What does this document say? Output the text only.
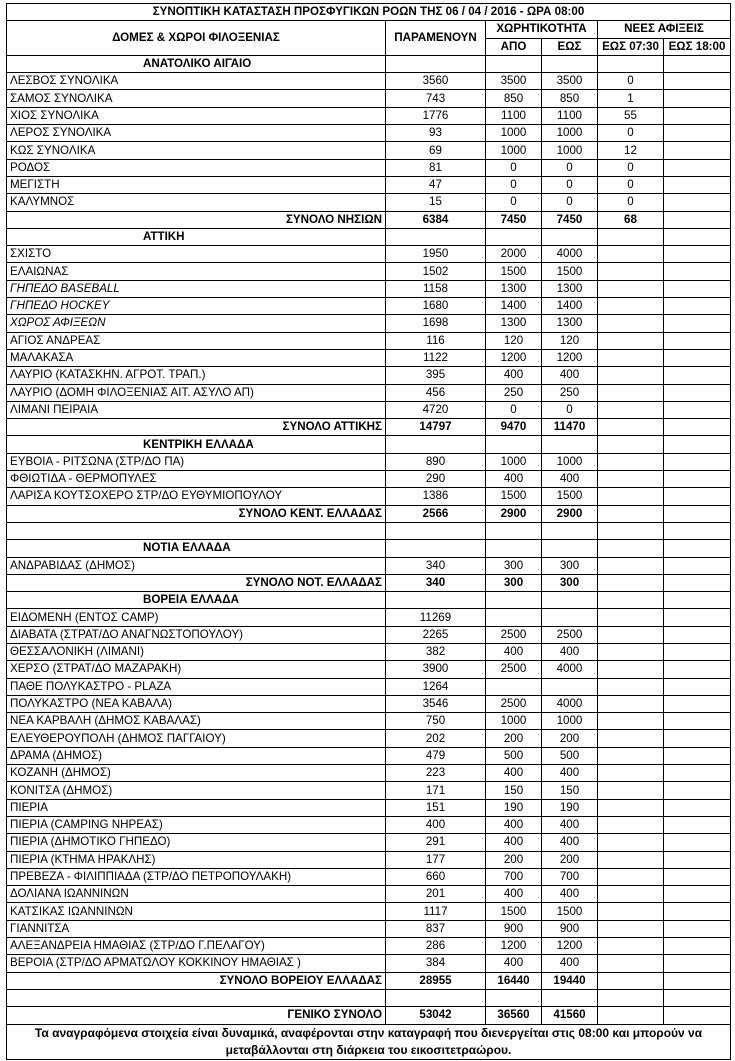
ΣΥΝΟΠΤΙΚΗ ΚΑΤΑΣΤΑΣΗ ΠΡΟΣΦΥΓΙΚΩΝ ΡΟΩΝ ΤΗΣ 06 / 04 / 2016 - ΩΡΑ 08:00					
ΔΟΜΕΣ & ΧΩΡΟΙ ΦΙΛΟΞΕΝΙΑΣ	ΠΑΡΑΜΕΝΟΥΝ	ΧΩΡΗΤΙΚΟΤΗΤΑ		ΝΕΕΣ ΑΦΙΞΕΙΣ	
		ΑΠΟ	ΕΩΣ	ΕΩΣ 07:30	ΕΩΣ 18:00
ΑΝΑΤΟΛΙΚΟ ΑΙΓΑΙΟ					
ΛΕΣΒΟΣ ΣΥΝΟΛΙΚΑ	3560	3500	3500	0	
ΣΑΜΟΣ ΣΥΝΟΛΙΚΑ	743	850	850	1	
ΧΙΟΣ ΣΥΝΟΛΙΚΑ	1776	1100	1100	55	
ΛΕΡΟΣ ΣΥΝΟΛΙΚΑ	93	1000	1000	0	
ΚΩΣ ΣΥΝΟΛΙΚΑ	69	1000	1000	12	
ΡΟΔΟΣ	81	0	0	0	
ΜΕΓΙΣΤΗ	47	0	0	0	
ΚΑΛΥΜΝΟΣ	15	0	0	0	
ΣΥΝΟΛΟ ΝΗΣΙΩΝ	6384	7450	7450	68	
ΑΤΤΙΚΗ					
ΣΧΙΣΤΟ	1950	2000	4000		
ΕΛΑΙΩΝΑΣ	1502	1500	1500		
ΓΗΠΕΔΟ BASEBALL	1158	1300	1300		
ΓΗΠΕΔΟ HOCKEY	1680	1400	1400		
ΧΩΡΟΣ ΑΦΙΞΕΩΝ	1698	1300	1300		
ΑΓΙΟΣ ΑΝΔΡΕΑΣ	116	120	120		
ΜΑΛΑΚΑΣΑ	1122	1200	1200		
ΛΑΥΡΙΟ (ΚΑΤΑΣΚΗΝ. ΑΓΡΟΤ. ΤΡΑΠ.)	395	400	400		
ΛΑΥΡΙΟ (ΔΟΜΗ ΦΙΛΟΞΕΝΙΑΣ ΑΙΤ. ΑΣΥΛΟ ΑΠ)	456	250	250		
ΛΙΜΑΝΙ ΠΕΙΡΑΙΑ	4720	0	0		
ΣΥΝΟΛΟ ΑΤΤΙΚΗΣ	14797	9470	11470		
ΚΕΝΤΡΙΚΗ ΕΛΛΑΔΑ					
ΕΥΒΟΙΑ - ΡΙΤΣΩΝΑ (ΣΤΡ/ΔΟ ΠΑ)	890	1000	1000		
ΦΘΙΩΤΙΔΑ - ΘΕΡΜΟΠΥΛΕΣ	290	400	400		
ΛΑΡΙΣΑ ΚΟΥΤΣΟΧΕΡΟ ΣΤΡ/ΔΟ ΕΥΘΥΜΙΟΠΟΥΛΟΥ	1386	1500	1500		
ΣΥΝΟΛΟ ΚΕΝΤ. ΕΛΛΑΔΑΣ	2566	2900	2900		

ΝΟΤΙΑ ΕΛΛΑΔΑ					
ΑΝΔΡΑΒΙΔΑΣ (ΔΗΜΟΣ)	340	300	300		
ΣΥΝΟΛΟ ΝΟΤ. ΕΛΛΑΔΑΣ	340	300	300		
ΒΟΡΕΙΑ ΕΛΛΑΔΑ					
ΕΙΔΟΜΕΝΗ (ΕΝΤΟΣ CAMP)	11269				
ΔΙΑΒΑΤΑ (ΣΤΡΑΤ/ΔΟ ΑΝΑΓΝΩΣΤΟΠΟΥΛΟΥ)	2265	2500	2500		
ΘΕΣΣΑΛΟΝΙΚΗ (ΛΙΜΑΝΙ)	382	400	400		
ΧΕΡΣΟ (ΣΤΡΑΤ/ΔΟ ΜΑΖΑΡΑΚΗ)	3900	2500	4000		
ΠΑΘΕ ΠΟΛΥΚΑΣΤΡΟ - PLAZA	1264				
ΠΟΛΥΚΑΣΤΡΟ (ΝΕΑ ΚΑΒΑΛΑ)	3546	2500	4000		
ΝΕΑ ΚΑΡΒΑΛΗ (ΔΗΜΟΣ ΚΑΒΑΛΑΣ)	750	1000	1000		
ΕΛΕΥΘΕΡΟΥΠΟΛΗ (ΔΗΜΟΣ ΠΑΓΓΑΙΟΥ)	202	200	200		
ΔΡΑΜΑ (ΔΗΜΟΣ)	479	500	500		
ΚΟΖΑΝΗ (ΔΗΜΟΣ)	223	400	400		
ΚΟΝΙΤΣΑ (ΔΗΜΟΣ)	171	150	150		
ΠΙΕΡΙΑ	151	190	190		
ΠΙΕΡΙΑ (CAMPING ΝΗΡΕΑΣ)	400	400	400		
ΠΙΕΡΙΑ (ΔΗΜΟΤΙΚΟ ΓΗΠΕΔΟ)	291	400	400		
ΠΙΕΡΙΑ (ΚΤΗΜΑ ΗΡΑΚΛΗΣ)	177	200	200		
ΠΡΕΒΕΖΑ - ΦΙΛΙΠΠΙΑΔΑ (ΣΤΡ/ΔΟ ΠΕΤΡΟΠΟΥΛΑΚΗ)	660	700	700		
ΔΟΛΙΑΝΑ ΙΩΑΝΝΙΝΩΝ	201	400	400		
ΚΑΤΣΙΚΑΣ ΙΩΑΝΝΙΝΩΝ	1117	1500	1500		
ΓΙΑΝΝΙΤΣΑ	837	900	900		
ΑΛΕΞΑΝΔΡΕΙΑ ΗΜΑΘΙΑΣ (ΣΤΡ/ΔΟ Γ.ΠΕΛΑΓΟΥ)	286	1200	1200		
ΒΕΡΟΙΑ (ΣΤΡ/ΔΟ ΑΡΜΑΤΩΛΟΥ ΚΟΚΚΙΝΟΥ ΗΜΑΘΙΑΣ )	384	400	400		
ΣΥΝΟΛΟ ΒΟΡΕΙΟΥ ΕΛΛΑΔΑΣ	28955	16440	19440		

ΓΕΝΙΚΟ ΣΥΝΟΛΟ	53042	36560	41560		
Τα αναγραφόμενα στοιχεία είναι δυναμικά, αναφέρονται στην καταγραφή που διενεργείται στις 08:00 και μπορούν να μεταβάλλονται στη διάρκεια του εικοσιτετραώρου.					
